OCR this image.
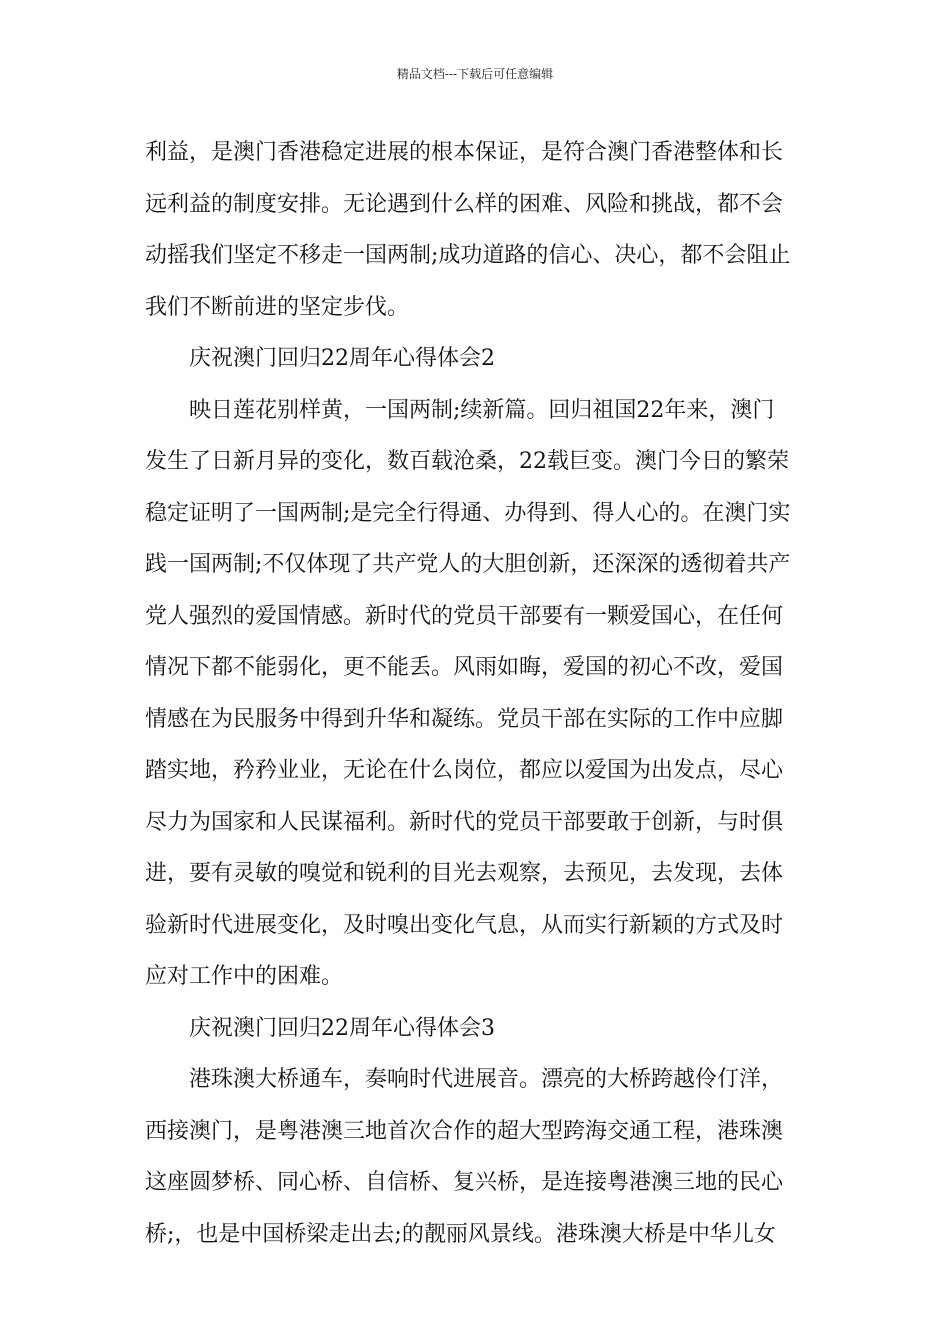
精品文档---下载后可任意编辑
利益，是澳门香港稳定进展的根本保证，是符合澳门香港整体和长
远利益的制度安排。无论遇到什么样的困难、风险和挑战，都不会
动摇我们坚定不移走一国两制;成功道路的信心、决心，都不会阻止
我们不断前进的坚定步伐。
庆祝澳门回归22周年心得体会2
映日莲花别样黄，一国两制;续新篇。回归祖国22年来，澳门
发生了日新月异的变化，数百载沧桑，22载巨变。澳门今日的繁荣
稳定证明了一国两制;是完全行得通、办得到、得人心的。在澳门实
践一国两制;不仅体现了共产党人的大胆创新，还深深的透彻着共产
党人强烈的爱国情感。新时代的党员干部要有一颗爱国心，在任何
情况下都不能弱化，更不能丢。风雨如晦，爱国的初心不改，爱国
情感在为民服务中得到升华和凝练。党员干部在实际的工作中应脚
踏实地，矜矜业业，无论在什么岗位，都应以爱国为出发点，尽心
尽力为国家和人民谋福利。新时代的党员干部要敢于创新，与时俱
进，要有灵敏的嗅觉和锐利的目光去观察，去预见，去发现，去体
验新时代进展变化，及时嗅出变化气息，从而实行新颖的方式及时
应对工作中的困难。
庆祝澳门回归22周年心得体会3
港珠澳大桥通车，奏响时代进展音。漂亮的大桥跨越伶仃洋，
西接澳门，是粤港澳三地首次合作的超大型跨海交通工程，港珠澳
这座圆梦桥、同心桥、自信桥、复兴桥，是连接粤港澳三地的民心
桥;，也是中国桥梁走出去;的靓丽风景线。港珠澳大桥是中华儿女
